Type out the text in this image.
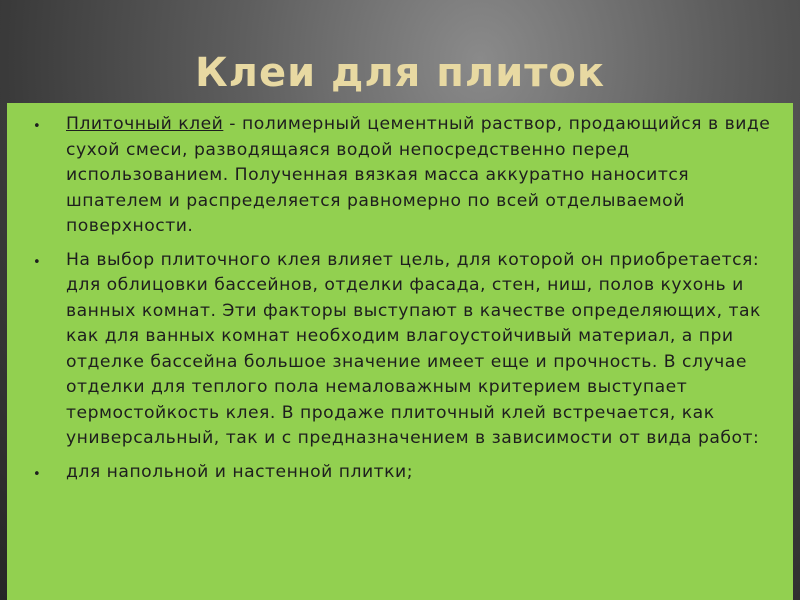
Клеи для плиток
• Плиточный клей - полимерный цементный раствор, продающийся в виде сухой смеси, разводящаяся водой непосредственно перед использованием. Полученная вязкая масса аккуратно наносится шпателем и распределяется равномерно по всей отделываемой поверхности.
• На выбор плиточного клея влияет цель, для которой он приобретается: для облицовки бассейнов, отделки фасада, стен, ниш, полов кухонь и ванных комнат. Эти факторы выступают в качестве определяющих, так как для ванных комнат необходим влагоустойчивый материал, а при отделке бассейна большое значение имеет еще и прочность. В случае отделки для теплого пола немаловажным критерием выступает термостойкость клея. В продаже плиточный клей встречается, как универсальный, так и с предназначением в зависимости от вида работ:
• для напольной и настенной плитки;
